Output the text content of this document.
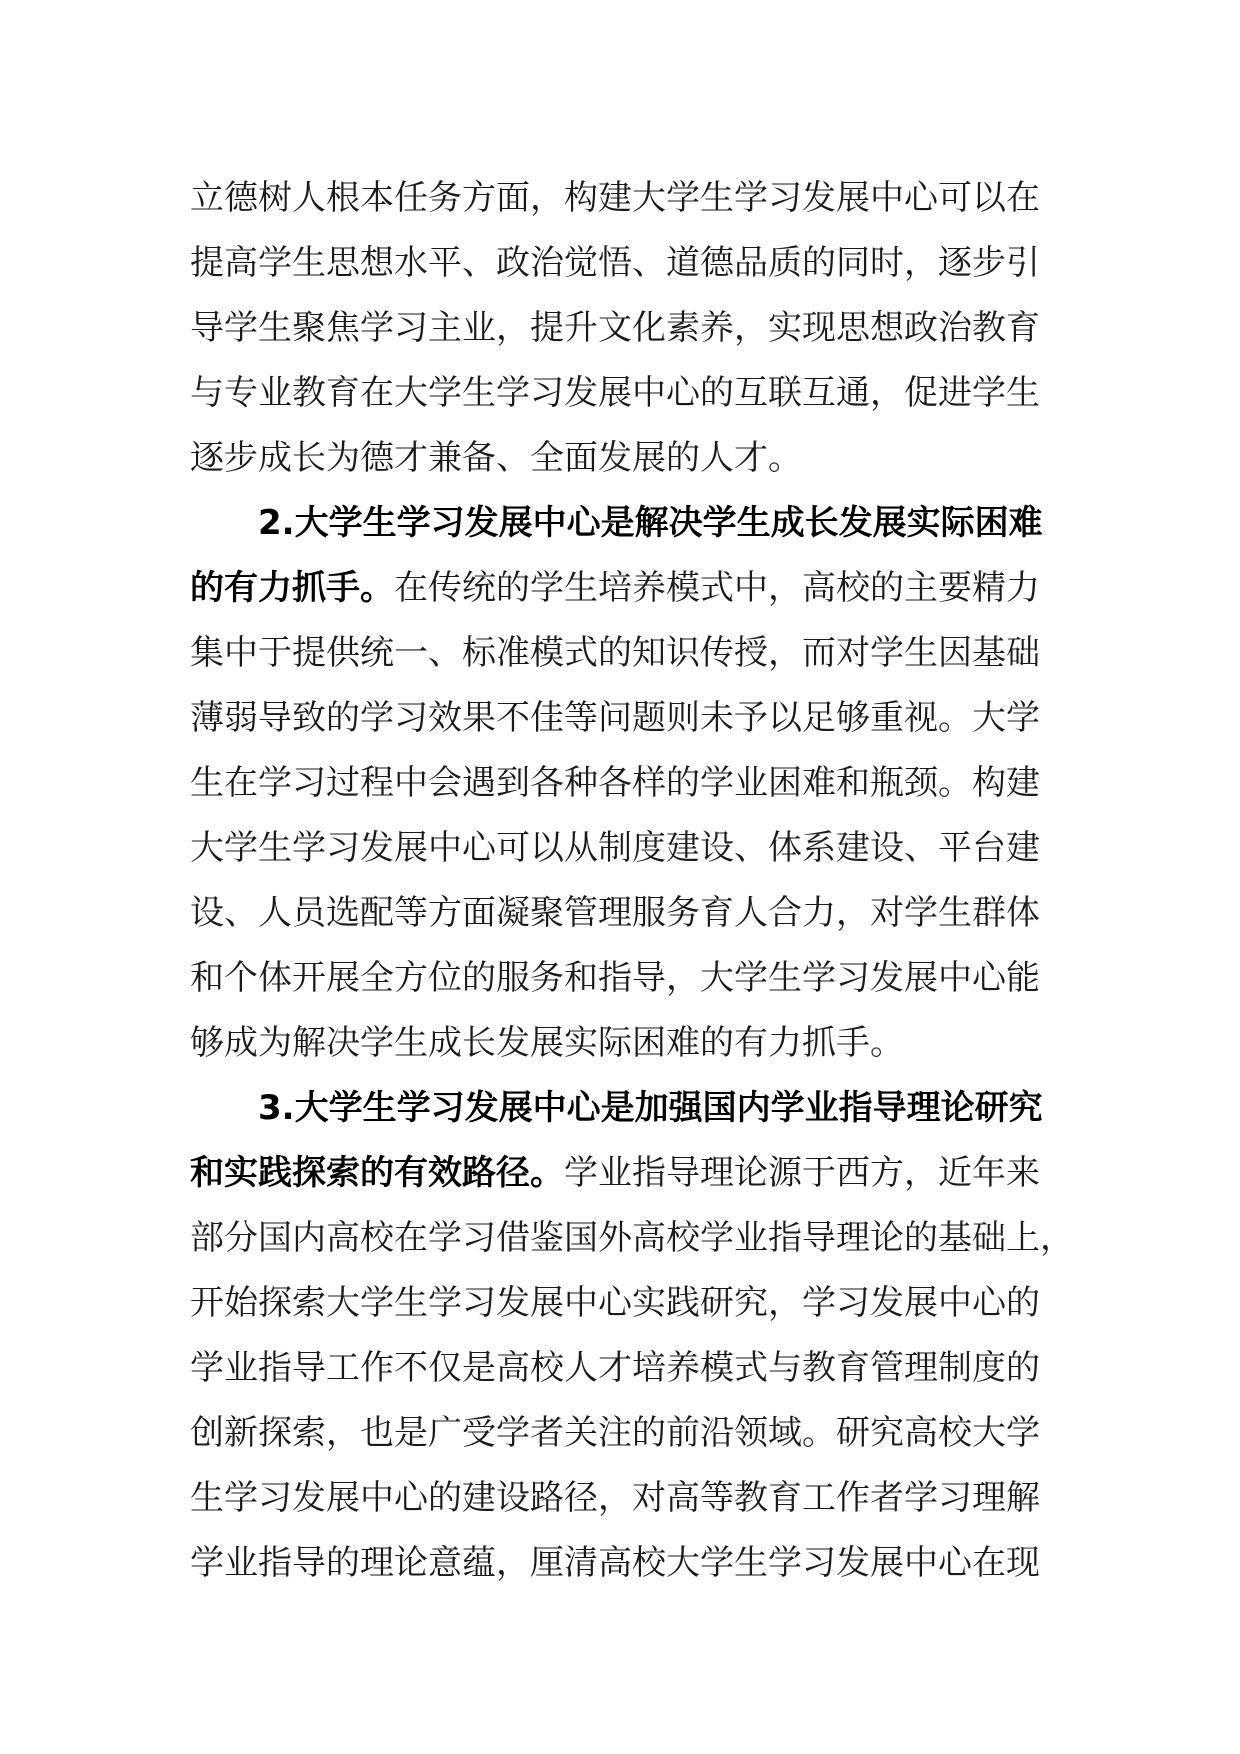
立德树人根本任务方面，构建大学生学习发展中心可以在
提高学生思想水平、政治觉悟、道德品质的同时，逐步引
导学生聚焦学习主业，提升文化素养，实现思想政治教育
与专业教育在大学生学习发展中心的互联互通，促进学生
逐步成长为德才兼备、全面发展的人才。
2.大学生学习发展中心是解决学生成长发展实际困难
的有力抓手。在传统的学生培养模式中，高校的主要精力
集中于提供统一、标准模式的知识传授，而对学生因基础
薄弱导致的学习效果不佳等问题则未予以足够重视。大学
生在学习过程中会遇到各种各样的学业困难和瓶颈。构建
大学生学习发展中心可以从制度建设、体系建设、平台建
设、人员选配等方面凝聚管理服务育人合力，对学生群体
和个体开展全方位的服务和指导，大学生学习发展中心能
够成为解决学生成长发展实际困难的有力抓手。
3.大学生学习发展中心是加强国内学业指导理论研究
和实践探索的有效路径。学业指导理论源于西方，近年来
部分国内高校在学习借鉴国外高校学业指导理论的基础上，
开始探索大学生学习发展中心实践研究，学习发展中心的
学业指导工作不仅是高校人才培养模式与教育管理制度的
创新探索，也是广受学者关注的前沿领域。研究高校大学
生学习发展中心的建设路径，对高等教育工作者学习理解
学业指导的理论意蕴，厘清高校大学生学习发展中心在现
